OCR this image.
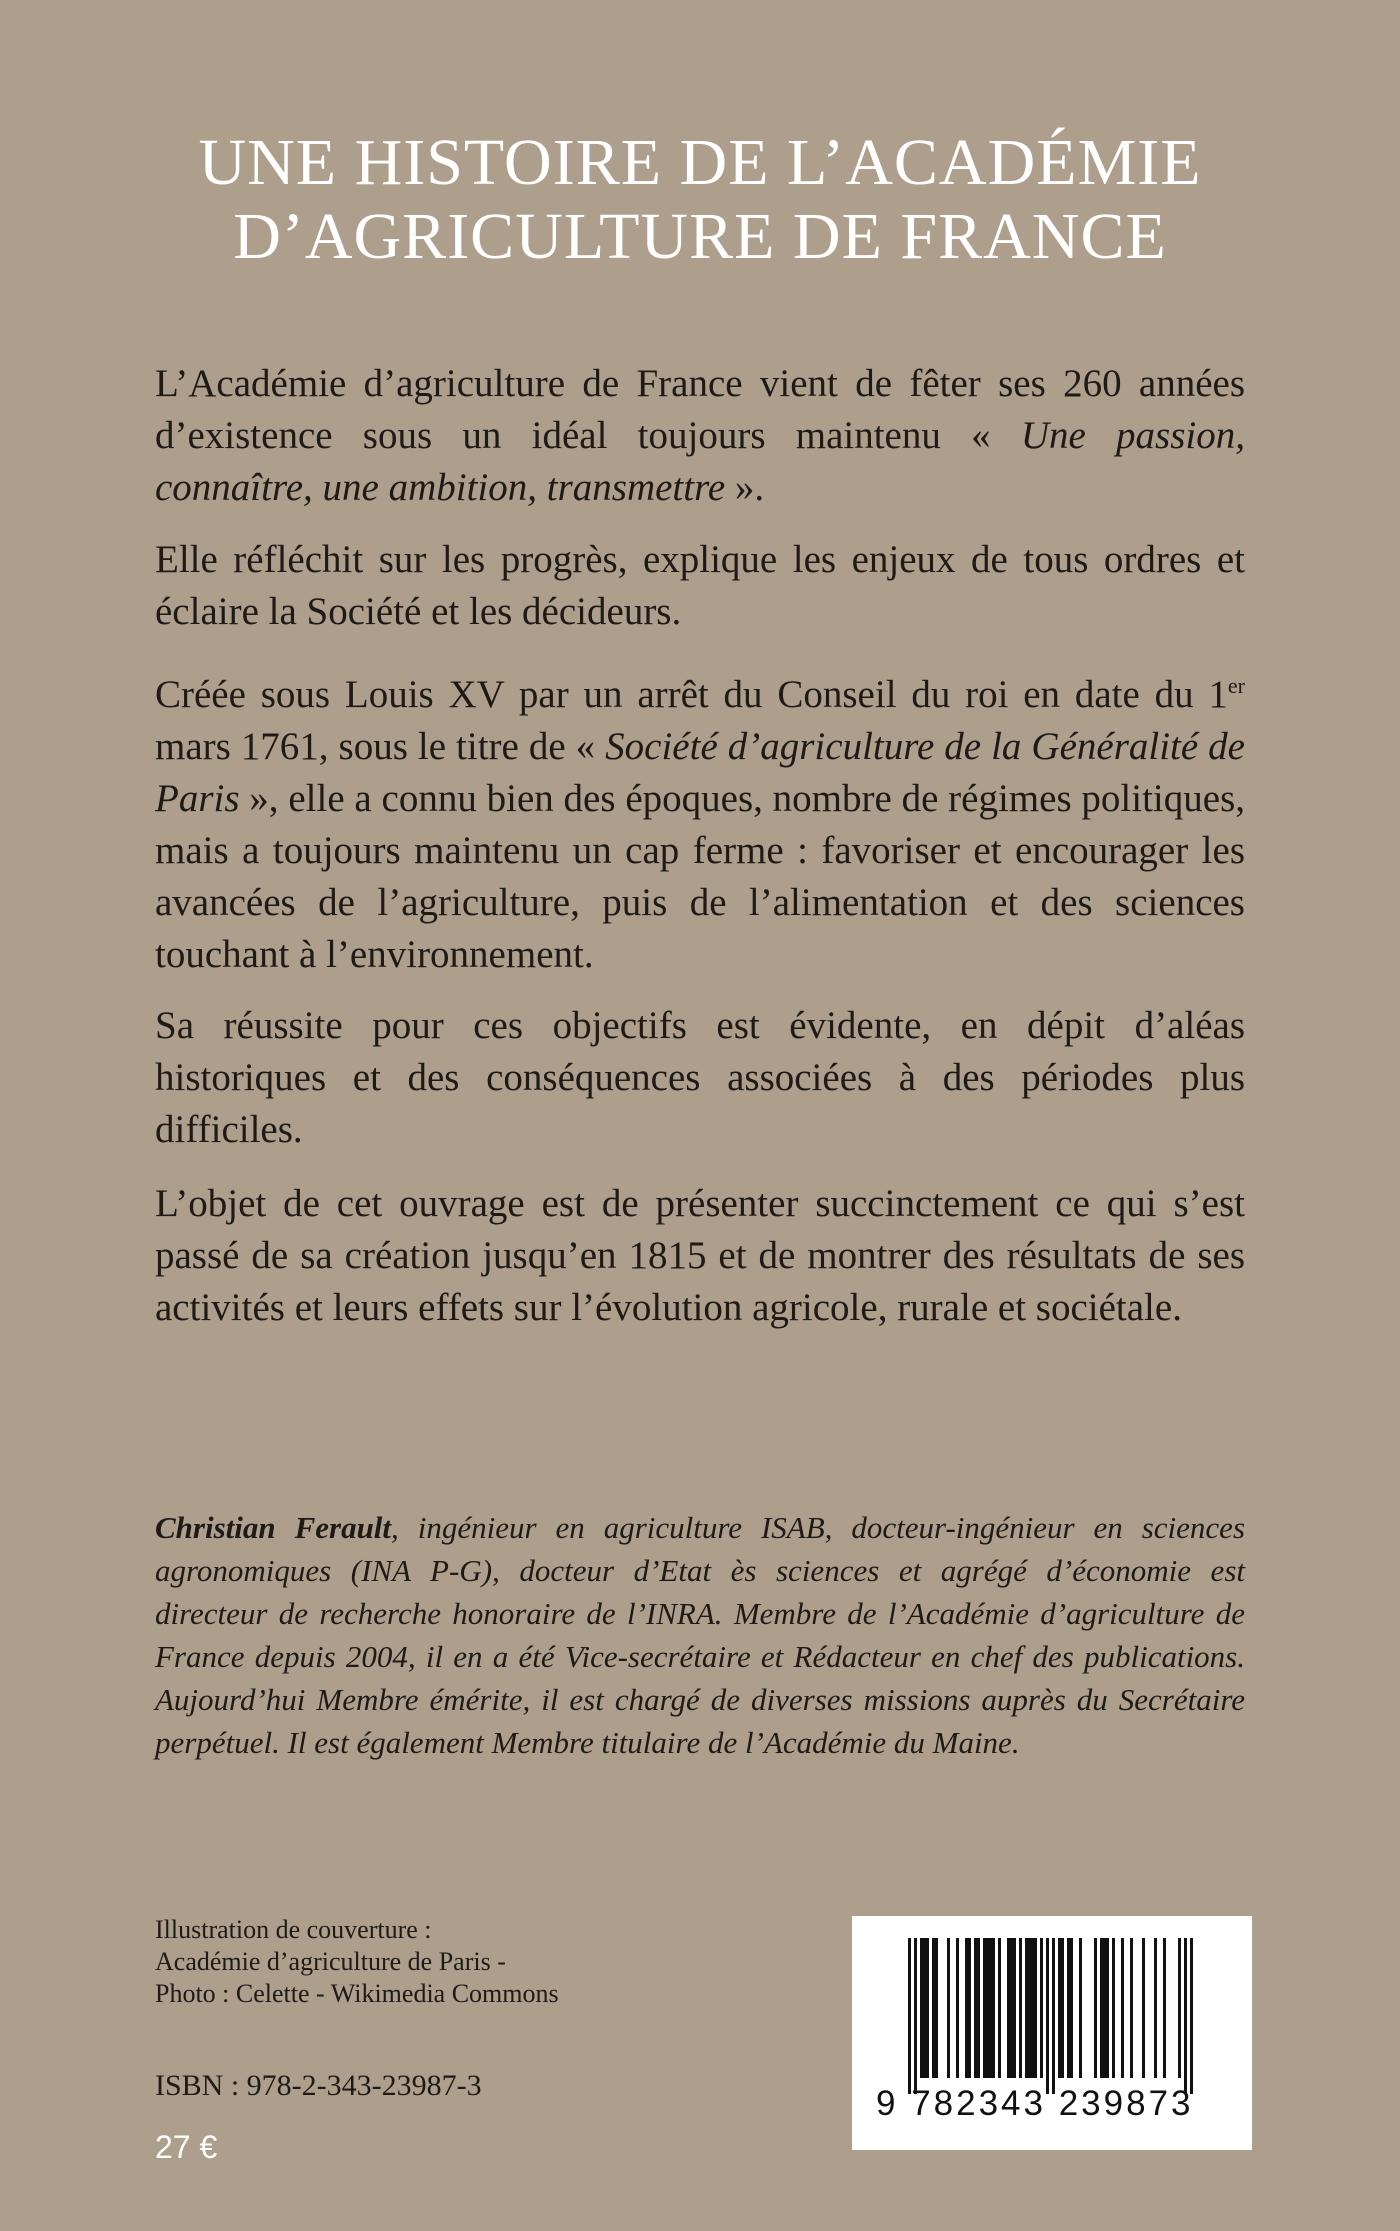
UNE HISTOIRE DE L’ACADÉMIE
D’AGRICULTURE DE FRANCE

L’Académie d’agriculture de France vient de fêter ses 260 années d’existence sous un idéal toujours maintenu « Une passion, connaître, une ambition, transmettre ».

Elle réfléchit sur les progrès, explique les enjeux de tous ordres et éclaire la Société et les décideurs.

Créée sous Louis XV par un arrêt du Conseil du roi en date du 1er mars 1761, sous le titre de « Société d’agriculture de la Généralité de Paris », elle a connu bien des époques, nombre de régimes politiques, mais a toujours maintenu un cap ferme : favoriser et encourager les avancées de l’agriculture, puis de l’alimentation et des sciences touchant à l’environnement.

Sa réussite pour ces objectifs est évidente, en dépit d’aléas historiques et des conséquences associées à des périodes plus difficiles.

L’objet de cet ouvrage est de présenter succinctement ce qui s’est passé de sa création jusqu’en 1815 et de montrer des résultats de ses activités et leurs effets sur l’évolution agricole, rurale et sociétale.

Christian Ferault, ingénieur en agriculture ISAB, docteur-ingénieur en sciences agronomiques (INA P-G), docteur d’Etat ès sciences et agrégé d’économie est directeur de recherche honoraire de l’INRA. Membre de l’Académie d’agriculture de France depuis 2004, il en a été Vice-secrétaire et Rédacteur en chef des publications. Aujourd’hui Membre émérite, il est chargé de diverses missions auprès du Secrétaire perpétuel. Il est également Membre titulaire de l’Académie du Maine.

Illustration de couverture :
Académie d’agriculture de Paris -
Photo : Celette - Wikimedia Commons

ISBN : 978-2-343-23987-3

27 €

9 782343 239873
